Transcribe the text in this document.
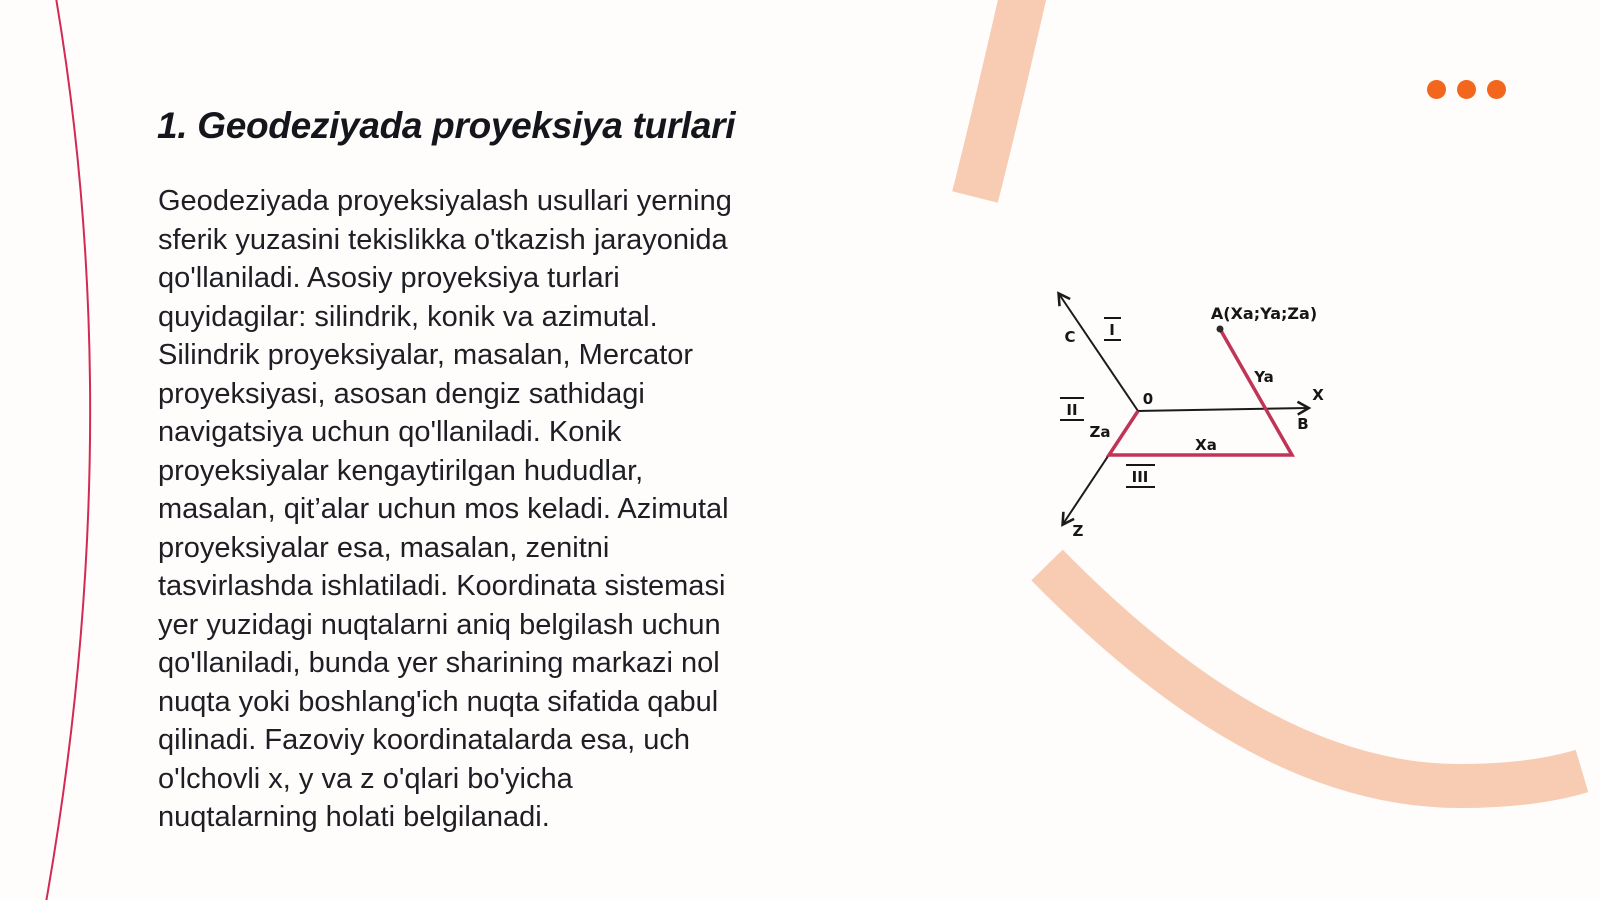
1. Geodeziyada proyeksiya turlari
Geodeziyada proyeksiyalash usullari yerning
sferik yuzasini tekislikka o'tkazish jarayonida
qo'llaniladi. Asosiy proyeksiya turlari
quyidagilar: silindrik, konik va azimutal.
Silindrik proyeksiyalar, masalan, Mercator
proyeksiyasi, asosan dengiz sathidagi
navigatsiya uchun qo'llaniladi. Konik
proyeksiyalar kengaytirilgan hududlar,
masalan, qit’alar uchun mos keladi. Azimutal
proyeksiyalar esa, masalan, zenitni
tasvirlashda ishlatiladi. Koordinata sistemasi
yer yuzidagi nuqtalarni aniq belgilash uchun
qo'llaniladi, bunda yer sharining markazi nol
nuqta yoki boshlang'ich nuqta sifatida qabul
qilinadi. Fazoviy koordinatalarda esa, uch
o'lchovli x, y va z o'qlari bo'yicha
nuqtalarning holati belgilanadi.
A(Xa;Ya;Za)
0
C
X
B
Z
Za
Xa
Ya
I
II
III
